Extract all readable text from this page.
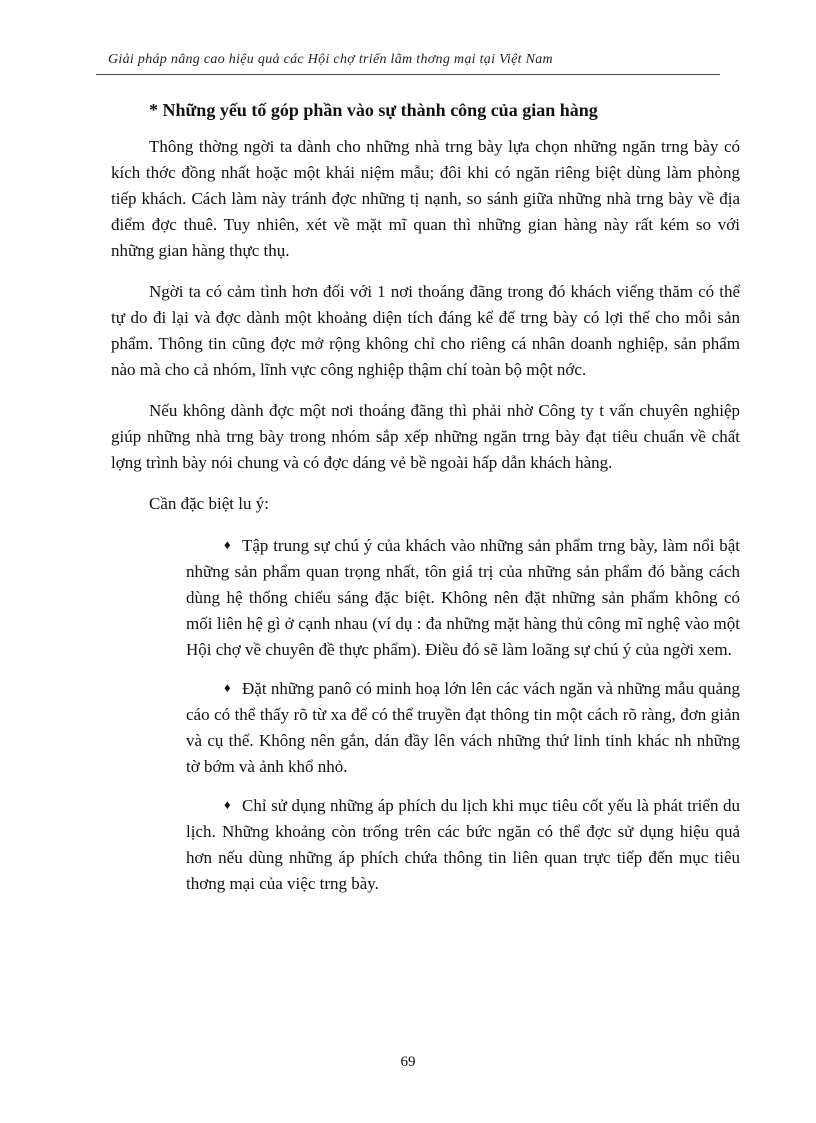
Giải pháp nâng cao hiệu quả các Hội chợ triển lãm thơng mại tại Việt Nam
* Những yếu tố góp phần vào sự thành công của gian hàng

Thông thờng ngời ta dành cho những nhà trng bày lựa chọn những ngăn trng bày có kích thớc đồng nhất hoặc một khái niệm mẫu; đôi khi có ngăn riêng biệt dùng làm phòng tiếp khách. Cách làm này tránh đợc những tị nạnh, so sánh giữa những nhà trng bày về địa điểm đợc thuê. Tuy nhiên, xét về mặt mĩ quan thì những gian hàng này rất kém so với những gian hàng thực thụ.

Ngời ta có cảm tình hơn đối với 1 nơi thoáng đãng trong đó khách viếng thăm có thể tự do đi lại và đợc dành một khoảng diện tích đáng kể để trng bày có lợi thế cho mỗi sản phẩm. Thông tin cũng đợc mở rộng không chỉ cho riêng cá nhân doanh nghiệp, sản phẩm nào mà cho cả nhóm, lĩnh vực công nghiệp thậm chí toàn bộ một nớc.

Nếu không dành đợc một nơi thoáng đãng thì phải nhờ Công ty t vấn chuyên nghiệp giúp những nhà trng bày trong nhóm sắp xếp những ngăn trng bày đạt tiêu chuẩn về chất lợng trình bày nói chung và có đợc dáng vẻ bề ngoài hấp dẫn khách hàng.

Cần đặc biệt lu ý:

♦ Tập trung sự chú ý của khách vào những sản phẩm trng bày, làm nổi bật những sản phẩm quan trọng nhất, tôn giá trị của những sản phẩm đó bằng cách dùng hệ thống chiếu sáng đặc biệt. Không nên đặt những sản phẩm không có mối liên hệ gì ở cạnh nhau (ví dụ : đa những mặt hàng thủ công mĩ nghệ vào một Hội chợ về chuyên đề thực phẩm). Điều đó sẽ làm loãng sự chú ý của ngời xem.

♦ Đặt những panô có minh hoạ lớn lên các vách ngăn và những mẫu quảng cáo có thể thấy rõ từ xa để có thể truyền đạt thông tin một cách rõ ràng, đơn giản và cụ thể. Không nên gắn, dán đầy lên vách những thứ linh tinh khác nh những tờ bớm và ảnh khổ nhỏ.

♦ Chỉ sử dụng những áp phích du lịch khi mục tiêu cốt yếu là phát triển du lịch. Những khoảng còn trống trên các bức ngăn có thể đợc sử dụng hiệu quả hơn nếu dùng những áp phích chứa thông tin liên quan trực tiếp đến mục tiêu thơng mại của việc trng bày.

69
